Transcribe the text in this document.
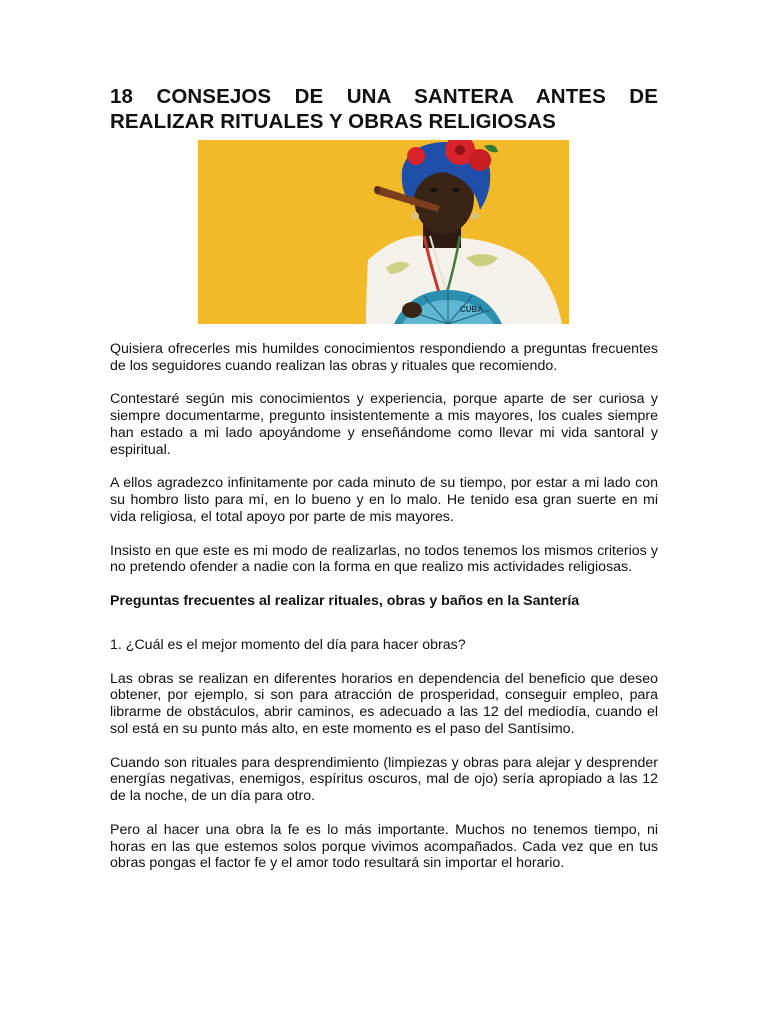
18 CONSEJOS DE UNA SANTERA ANTES DE REALIZAR RITUALES Y OBRAS RELIGIOSAS
CUBA

Quisiera ofrecerles mis humildes conocimientos respondiendo a preguntas frecuentes de los seguidores cuando realizan las obras y rituales que recomiendo.

Contestaré según mis conocimientos y experiencia, porque aparte de ser curiosa y siempre documentarme, pregunto insistentemente a mis mayores, los cuales siempre han estado a mi lado apoyándome y enseñándome como llevar mi vida santoral y espiritual.

A ellos agradezco infinitamente por cada minuto de su tiempo, por estar a mi lado con su hombro listo para mí, en lo bueno y en lo malo. He tenido esa gran suerte en mi vida religiosa, el total apoyo por parte de mis mayores.

Insisto en que este es mi modo de realizarlas, no todos tenemos los mismos criterios y no pretendo ofender a nadie con la forma en que realizo mis actividades religiosas.

Preguntas frecuentes al realizar rituales, obras y baños en la Santería

1. ¿Cuál es el mejor momento del día para hacer obras?

Las obras se realizan en diferentes horarios en dependencia del beneficio que deseo obtener, por ejemplo, si son para atracción de prosperidad, conseguir empleo, para librarme de obstáculos, abrir caminos, es adecuado a las 12 del mediodía, cuando el sol está en su punto más alto, en este momento es el paso del Santísimo.

Cuando son rituales para desprendimiento (limpiezas y obras para alejar y desprender energías negativas, enemigos, espíritus oscuros, mal de ojo) sería apropiado a las 12 de la noche, de un día para otro.

Pero al hacer una obra la fe es lo más importante. Muchos no tenemos tiempo, ni horas en las que estemos solos porque vivimos acompañados. Cada vez que en tus obras pongas el factor fe y el amor todo resultará sin importar el horario.
